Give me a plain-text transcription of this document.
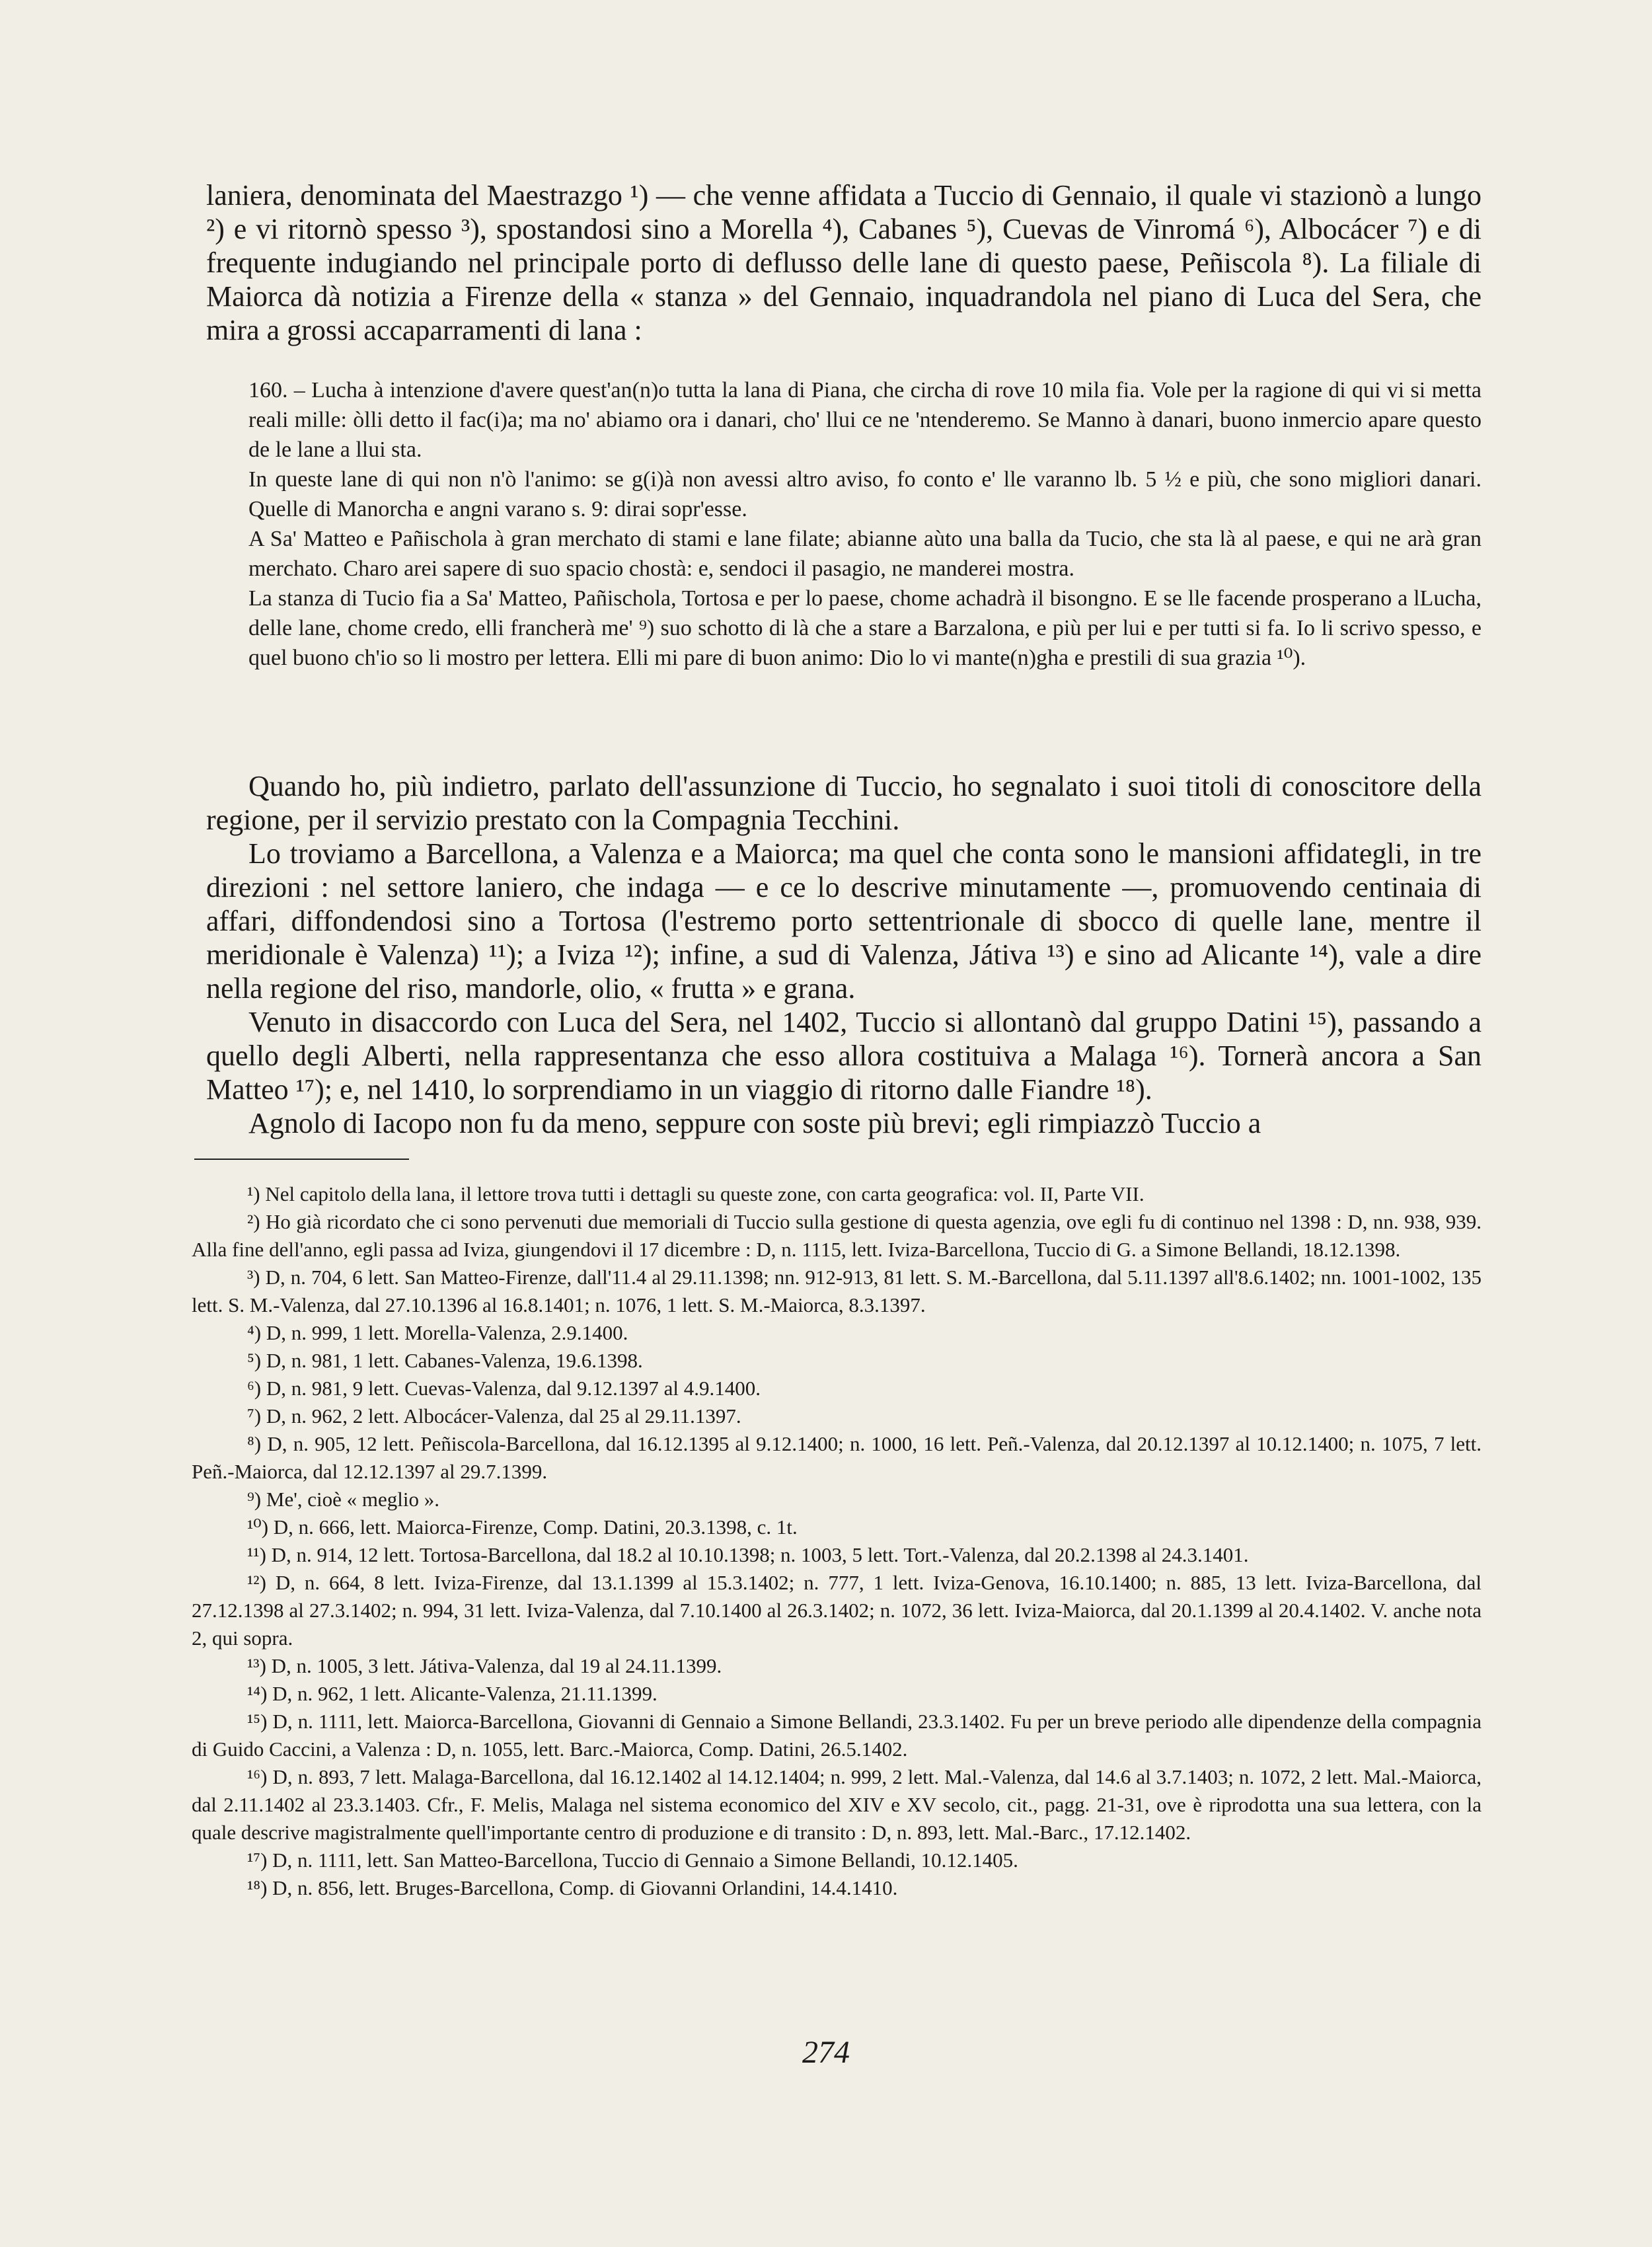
laniera, denominata del Maestrazgo ¹) — che venne affidata a Tuccio di Gennaio, il quale vi stazionò a lungo ²) e vi ritornò spesso ³), spostandosi sino a Morella ⁴), Cabanes ⁵), Cuevas de Vinromá ⁶), Albocácer ⁷) e di frequente indugiando nel principale porto di deflusso delle lane di questo paese, Peñiscola ⁸). La filiale di Maiorca dà notizia a Firenze della « stanza » del Gennaio, inquadrandola nel piano di Luca del Sera, che mira a grossi accaparramenti di lana :

160. – Lucha à intenzione d'avere quest'an(n)o tutta la lana di Piana, che circha di rove 10 mila fia. Vole per la ragione di qui vi si metta reali mille: òlli detto il fac(i)a; ma no' abiamo ora i danari, cho' llui ce ne 'ntenderemo. Se Manno à danari, buono inmercio apare questo de le lane a llui sta.

In queste lane di qui non n'ò l'animo: se g(i)à non avessi altro aviso, fo conto e' lle varanno lb. 5 ½ e più, che sono migliori danari. Quelle di Manorcha e angni varano s. 9: dirai sopr'esse.

A Sa' Matteo e Pañischola à gran merchato di stami e lane filate; abianne aùto una balla da Tucio, che sta là al paese, e qui ne arà gran merchato. Charo arei sapere di suo spacio chostà: e, sendoci il pasagio, ne manderei mostra.

La stanza di Tucio fia a Sa' Matteo, Pañischola, Tortosa e per lo paese, chome achadrà il bisongno. E se lle facende prosperano a lLucha, delle lane, chome credo, elli francherà me' ⁹) suo schotto di là che a stare a Barzalona, e più per lui e per tutti si fa. Io li scrivo spesso, e quel buono ch'io so li mostro per lettera. Elli mi pare di buon animo: Dio lo vi mante(n)gha e prestili di sua grazia ¹⁰).

Quando ho, più indietro, parlato dell'assunzione di Tuccio, ho segnalato i suoi titoli di conoscitore della regione, per il servizio prestato con la Compagnia Tecchini.

Lo troviamo a Barcellona, a Valenza e a Maiorca; ma quel che conta sono le mansioni affidategli, in tre direzioni : nel settore laniero, che indaga — e ce lo descrive minutamente —, promuovendo centinaia di affari, diffondendosi sino a Tortosa (l'estremo porto settentrionale di sbocco di quelle lane, mentre il meridionale è Valenza) ¹¹); a Iviza ¹²); infine, a sud di Valenza, Játiva ¹³) e sino ad Alicante ¹⁴), vale a dire nella regione del riso, mandorle, olio, « frutta » e grana.

Venuto in disaccordo con Luca del Sera, nel 1402, Tuccio si allontanò dal gruppo Datini ¹⁵), passando a quello degli Alberti, nella rappresentanza che esso allora costituiva a Malaga ¹⁶). Tornerà ancora a San Matteo ¹⁷); e, nel 1410, lo sorprendiamo in un viaggio di ritorno dalle Fiandre ¹⁸).

Agnolo di Iacopo non fu da meno, seppure con soste più brevi; egli rimpiazzò Tuccio a

¹) Nel capitolo della lana, il lettore trova tutti i dettagli su queste zone, con carta geografica: vol. II, Parte VII.

²) Ho già ricordato che ci sono pervenuti due memoriali di Tuccio sulla gestione di questa agenzia, ove egli fu di continuo nel 1398 : D, nn. 938, 939. Alla fine dell'anno, egli passa ad Iviza, giungendovi il 17 dicembre : D, n. 1115, lett. Iviza-Barcellona, Tuccio di G. a Simone Bellandi, 18.12.1398.

³) D, n. 704, 6 lett. San Matteo-Firenze, dall'11.4 al 29.11.1398; nn. 912-913, 81 lett. S. M.-Barcellona, dal 5.11.1397 all'8.6.1402; nn. 1001-1002, 135 lett. S. M.-Valenza, dal 27.10.1396 al 16.8.1401; n. 1076, 1 lett. S. M.-Maiorca, 8.3.1397.

⁴) D, n. 999, 1 lett. Morella-Valenza, 2.9.1400.

⁵) D, n. 981, 1 lett. Cabanes-Valenza, 19.6.1398.

⁶) D, n. 981, 9 lett. Cuevas-Valenza, dal 9.12.1397 al 4.9.1400.

⁷) D, n. 962, 2 lett. Albocácer-Valenza, dal 25 al 29.11.1397.

⁸) D, n. 905, 12 lett. Peñiscola-Barcellona, dal 16.12.1395 al 9.12.1400; n. 1000, 16 lett. Peñ.-Valenza, dal 20.12.1397 al 10.12.1400; n. 1075, 7 lett. Peñ.-Maiorca, dal 12.12.1397 al 29.7.1399.

⁹) Me', cioè « meglio ».

¹⁰) D, n. 666, lett. Maiorca-Firenze, Comp. Datini, 20.3.1398, c. 1t.

¹¹) D, n. 914, 12 lett. Tortosa-Barcellona, dal 18.2 al 10.10.1398; n. 1003, 5 lett. Tort.-Valenza, dal 20.2.1398 al 24.3.1401.

¹²) D, n. 664, 8 lett. Iviza-Firenze, dal 13.1.1399 al 15.3.1402; n. 777, 1 lett. Iviza-Genova, 16.10.1400; n. 885, 13 lett. Iviza-Barcellona, dal 27.12.1398 al 27.3.1402; n. 994, 31 lett. Iviza-Valenza, dal 7.10.1400 al 26.3.1402; n. 1072, 36 lett. Iviza-Maiorca, dal 20.1.1399 al 20.4.1402. V. anche nota 2, qui sopra.

¹³) D, n. 1005, 3 lett. Játiva-Valenza, dal 19 al 24.11.1399.

¹⁴) D, n. 962, 1 lett. Alicante-Valenza, 21.11.1399.

¹⁵) D, n. 1111, lett. Maiorca-Barcellona, Giovanni di Gennaio a Simone Bellandi, 23.3.1402. Fu per un breve periodo alle dipendenze della compagnia di Guido Caccini, a Valenza : D, n. 1055, lett. Barc.-Maiorca, Comp. Datini, 26.5.1402.

¹⁶) D, n. 893, 7 lett. Malaga-Barcellona, dal 16.12.1402 al 14.12.1404; n. 999, 2 lett. Mal.-Valenza, dal 14.6 al 3.7.1403; n. 1072, 2 lett. Mal.-Maiorca, dal 2.11.1402 al 23.3.1403. Cfr., F. Melis, Malaga nel sistema economico del XIV e XV secolo, cit., pagg. 21-31, ove è riprodotta una sua lettera, con la quale descrive magistralmente quell'importante centro di produzione e di transito : D, n. 893, lett. Mal.-Barc., 17.12.1402.

¹⁷) D, n. 1111, lett. San Matteo-Barcellona, Tuccio di Gennaio a Simone Bellandi, 10.12.1405.

¹⁸) D, n. 856, lett. Bruges-Barcellona, Comp. di Giovanni Orlandini, 14.4.1410.

274
